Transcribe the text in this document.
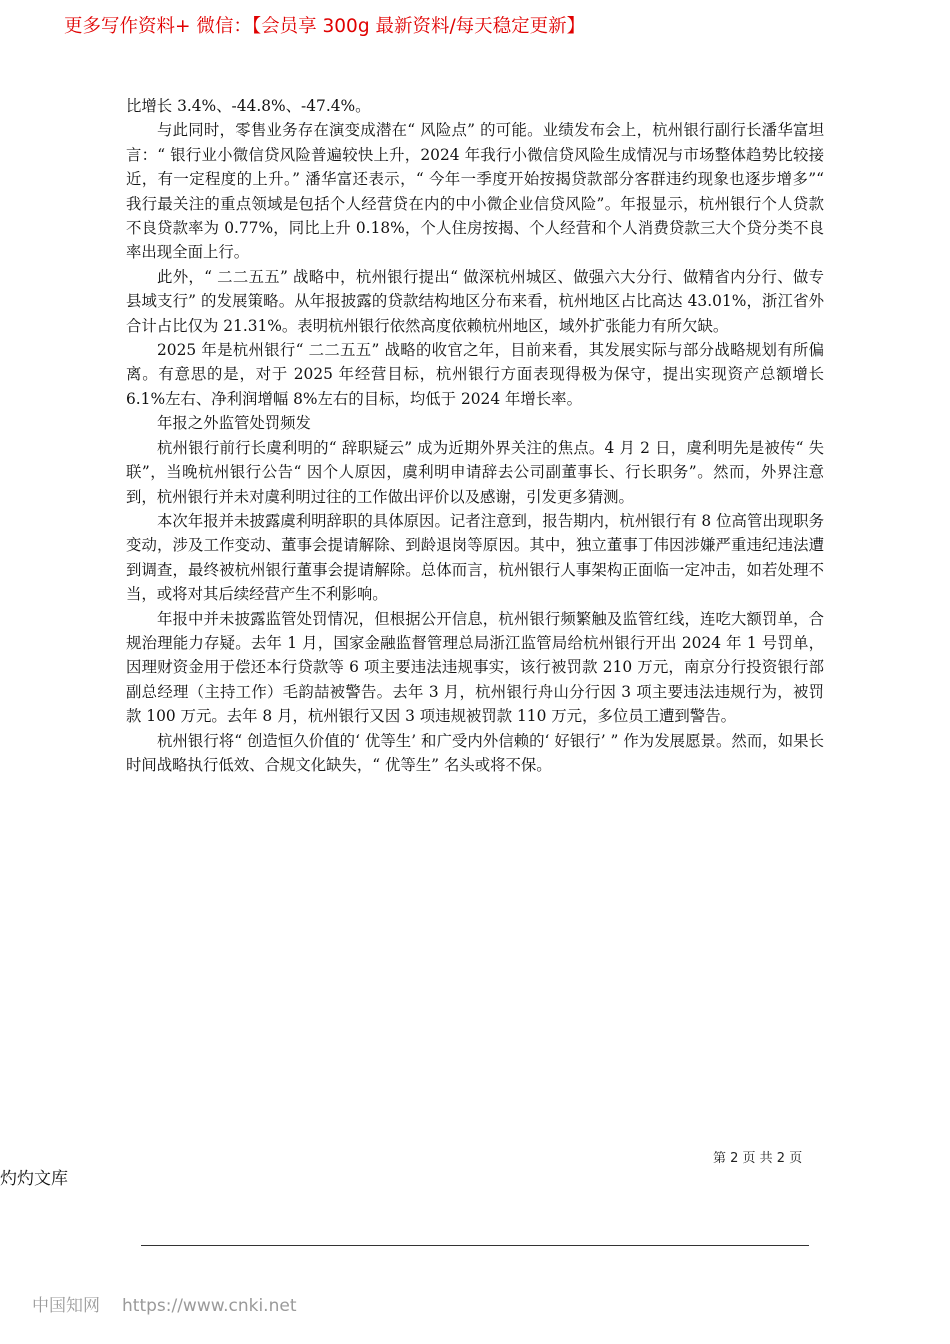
更多写作资料+ 微信：【会员享 300g 最新资料/每天稳定更新】

比增长 3.4%、-44.8%、-47.4%。

与此同时，零售业务存在演变成潜在“ 风险点” 的可能。业绩发布会上，杭州银行副行长潘华富坦言：“ 银行业小微信贷风险普遍较快上升，2024 年我行小微信贷风险生成情况与市场整体趋势比较接近，有一定程度的上升。” 潘华富还表示，“ 今年一季度开始按揭贷款部分客群违约现象也逐步增多”“ 我行最关注的重点领域是包括个人经营贷在内的中小微企业信贷风险”。年报显示，杭州银行个人贷款不良贷款率为 0.77%，同比上升 0.18%，个人住房按揭、个人经营和个人消费贷款三大个贷分类不良率出现全面上行。

此外，“ 二二五五” 战略中，杭州银行提出“ 做深杭州城区、做强六大分行、做精省内分行、做专县域支行” 的发展策略。从年报披露的贷款结构地区分布来看，杭州地区占比高达 43.01%，浙江省外合计占比仅为 21.31%。表明杭州银行依然高度依赖杭州地区，域外扩张能力有所欠缺。

2025 年是杭州银行“ 二二五五” 战略的收官之年，目前来看，其发展实际与部分战略规划有所偏离。有意思的是，对于 2025 年经营目标，杭州银行方面表现得极为保守，提出实现资产总额增长 6.1%左右、净利润增幅 8%左右的目标，均低于 2024 年增长率。

年报之外监管处罚频发

杭州银行前行长虞利明的“ 辞职疑云” 成为近期外界关注的焦点。4 月 2 日，虞利明先是被传“ 失联”，当晚杭州银行公告“ 因个人原因，虞利明申请辞去公司副董事长、行长职务”。然而，外界注意到，杭州银行并未对虞利明过往的工作做出评价以及感谢，引发更多猜测。

本次年报并未披露虞利明辞职的具体原因。记者注意到，报告期内，杭州银行有 8 位高管出现职务变动，涉及工作变动、董事会提请解除、到龄退岗等原因。其中，独立董事丁伟因涉嫌严重违纪违法遭到调查，最终被杭州银行董事会提请解除。总体而言，杭州银行人事架构正面临一定冲击，如若处理不当，或将对其后续经营产生不利影响。

年报中并未披露监管处罚情况，但根据公开信息，杭州银行频繁触及监管红线，连吃大额罚单，合规治理能力存疑。去年 1 月，国家金融监督管理总局浙江监管局给杭州银行开出 2024 年 1 号罚单，因理财资金用于偿还本行贷款等 6 项主要违法违规事实，该行被罚款 210 万元，南京分行投资银行部副总经理（主持工作）毛韵喆被警告。去年 3 月，杭州银行舟山分行因 3 项主要违法违规行为，被罚款 100 万元。去年 8 月，杭州银行又因 3 项违规被罚款 110 万元，多位员工遭到警告。

杭州银行将“ 创造恒久价值的‘ 优等生’ 和广受内外信赖的‘ 好银行’ ” 作为发展愿景。然而，如果长时间战略执行低效、合规文化缺失，“ 优等生” 名头或将不保。

第 2 页 共 2 页
灼灼文库
中国知网 https://www.cnki.net
